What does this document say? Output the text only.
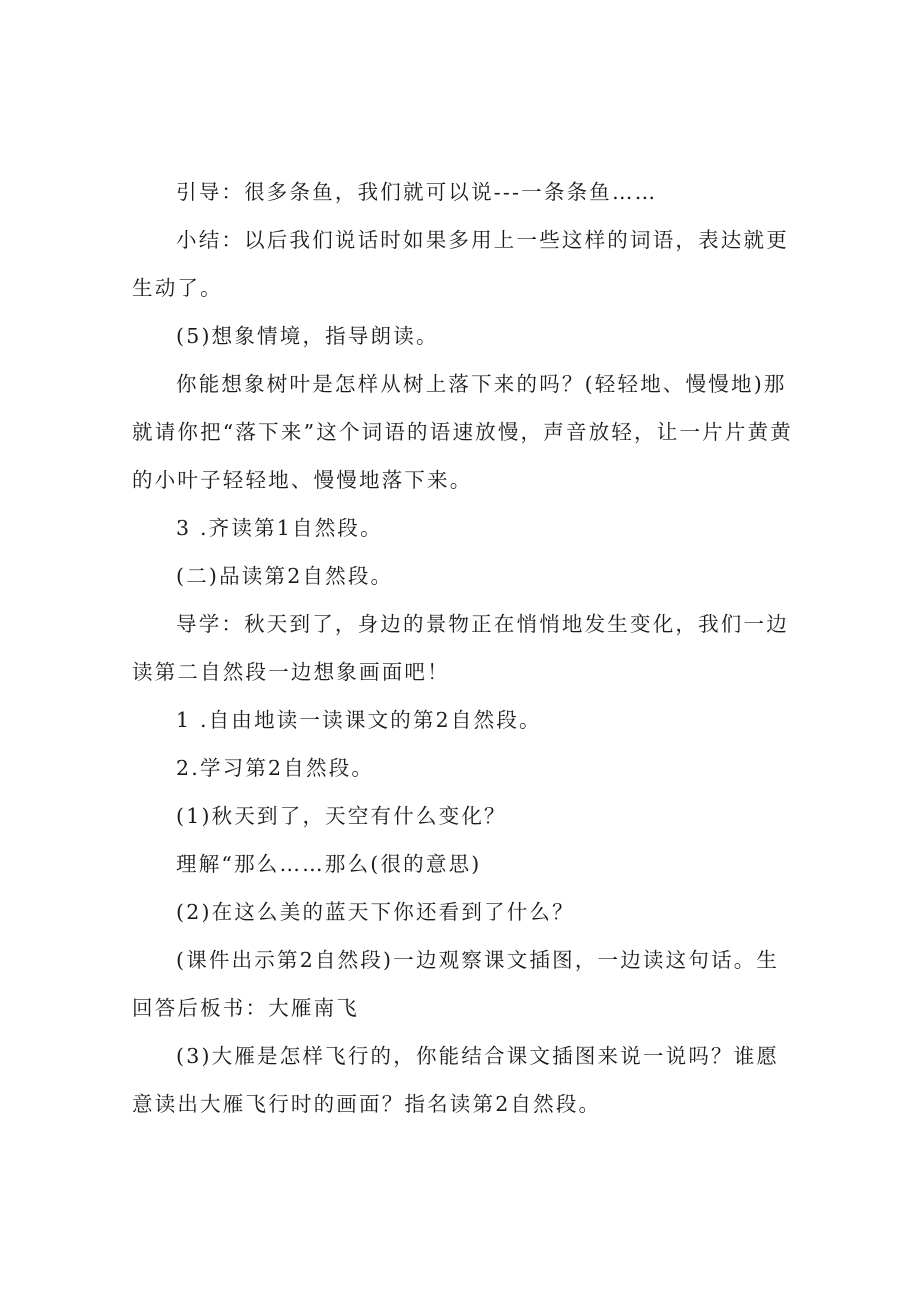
引导：很多条鱼，我们就可以说---一条条鱼……

小结：以后我们说话时如果多用上一些这样的词语，表达就更生动了。

(5)想象情境，指导朗读。

你能想象树叶是怎样从树上落下来的吗？(轻轻地、慢慢地)那就请你把“落下来”这个词语的语速放慢，声音放轻，让一片片黄黄的小叶子轻轻地、慢慢地落下来。

3 .齐读第1自然段。

(二)品读第2自然段。

导学：秋天到了，身边的景物正在悄悄地发生变化，我们一边读第二自然段一边想象画面吧！

1 .自由地读一读课文的第2自然段。

2.学习第2自然段。

(1)秋天到了，天空有什么变化？

理解“那么……那么(很的意思)

(2)在这么美的蓝天下你还看到了什么？

(课件出示第2自然段)一边观察课文插图，一边读这句话。生回答后板书：大雁南飞

(3)大雁是怎样飞行的，你能结合课文插图来说一说吗？谁愿意读出大雁飞行时的画面？指名读第2自然段。
